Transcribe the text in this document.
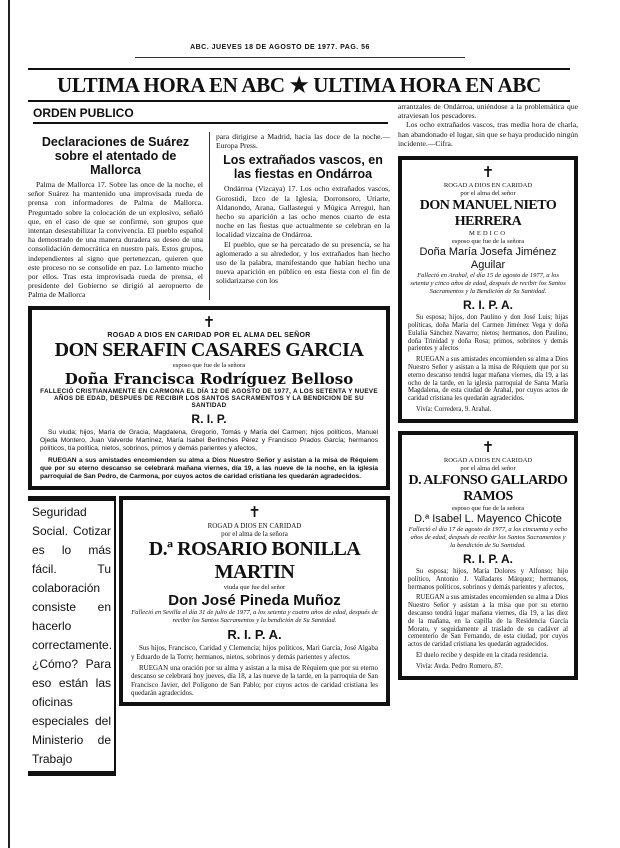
ABC. JUEVES 18 DE AGOSTO DE 1977. PAG. 56
ULTIMA HORA EN ABC ★ ULTIMA HORA EN ABC
ORDEN PUBLICO
Declaraciones de Suárez sobre el atentado de Mallorca

Palma de Mallorca 17. Sobre las once de la noche, el señor Suárez ha mantenido una improvisada rueda de prensa con informadores de Palma de Mallorca. Preguntado sobre la colocación de un explosivo, señaló que, en el caso de que se confirme, son grupos que intentan desestabilizar la convivencia. El pueblo español ha demostrado de una manera duradera su deseo de una consolidación democrática en nuestro país. Estos grupos, independientes al signo que pertenezcan, quieren que este proceso no se consolide en paz. Lo lamento mucho por ellos. Tras esta improvisada rueda de prensa, el presidente del Gobierno se dirigió al aeropuerto de Palma de Mallorca

para dirigirse a Madrid, hacia las doce de la noche.—Europa Press.

Los extrañados vascos, en las fiestas en Ondárroa

Ondárroa (Vizcaya) 17. Los ocho extrañados vascos, Gorostidi, Izco de la Iglesia, Dorronsoro, Uriarte, Aldanondo, Arana, Gallastegui y Múgica Arregui, han hecho su aparición a las ocho menos cuarto de esta noche en las fiestas que actualmente se celebran en la localidad vizcaína de Ondárroa.

El pueblo, que se ha percatado de su presencia, se ha aglomerado a su alrededor, y los extrañados han hecho uso de la palabra, manifestando que habían hecho una nueva aparición en público en esta fiesta con el fin de solidarizarse con los

✝
ROGAD A DIOS EN CARIDAD POR EL ALMA DEL SEÑOR
DON SERAFIN CASARES GARCIA
esposo que fue de la señora
Doña Francisca Rodríguez Belloso
FALLECIÓ CRISTIANAMENTE EN CARMONA EL DÍA 12 DE AGOSTO DE 1977, A LOS SETENTA Y NUEVE AÑOS DE EDAD, DESPUES DE RECIBIR LOS SANTOS SACRAMENTOS Y LA BENDICION DE SU SANTIDAD
R. I. P.

Su viuda; hijos, María de Gracia, Magdalena, Gregorio, Tomás y María del Carmen; hijos políticos, Manuel Ojeda Montero, Juan Valverde Martínez, María Isabel Berlinches Pérez y Francisco Prados García; hermanos políticos, tía política, nietos, sobrinos, primos y demás parientes y afectos,

RUEGAN a sus amistades encomienden su alma a Dios Nuestro Señor y asistan a la misa de Réquiem que por su eterno descanso se celebrará mañana viernes, día 19, a las nueve de la noche, en la iglesia parroquial de San Pedro, de Carmona, por cuyos actos de caridad cristiana les quedarán agradecidos.

Seguridad Social. Cotizar es lo más fácil. Tu colaboración consiste en hacerlo correctamente. ¿Cómo? Para eso están las oficinas especiales del Ministerio de Trabajo
✝
ROGAD A DIOS EN CARIDAD
por el alma de la señora
D.ª ROSARIO BONILLA MARTIN
viuda que fue del señor
Don José Pineda Muñoz
Falleció en Sevilla el día 31 de julio de 1977, a los setenta y cuatro años de edad, después de recibir los Santos Sacramentos y la bendición de Su Santidad.
R. I. P. A.

Sus hijos, Francisco, Caridad y Clemencia; hijos políticos, Mari García, José Algaba y Eduardo de la Torre; hermanos, nietos, sobrinos y demás parientes y afectos.

RUEGAN una oración por su alma y asistan a la misa de Réquiem que por su eterno descanso se celebrará hoy jueves, día 18, a las nueve de la tarde, en la parroquia de San Francisco Javier, del Polígono de San Pablo; por cuyos actos de caridad cristiana les quedarán agradecidos.

arrantzales de Ondárroa, uniéndose a la problemática que atraviesan los pescadores.

Los ocho extrañados vascos, tras media hora de charla, han abandonado el lugar, sin que se haya producido ningún incidente.—Cifra.

✝
ROGAD A DIOS EN CARIDAD
por el alma del señor
DON MANUEL NIETO HERRERA
MEDICO
esposo que fue de la señora
Doña María Josefa Jiménez Aguilar
Falleció en Arahal, el día 15 de agosto de 1977, a los setenta y cinco años de edad, después de recibir los Santos Sacramentos y la Bendición de Su Santidad.
R. I. P. A.

Su esposa; hijos, don Paulino y don José Luis; hijas políticas, doña María del Carmen Jiménez Vega y doña Eulalia Sánchez Navarro; nietos; hermanos, don Paulino, doña Trinidad y doña Rosa; primos, sobrinos y demás parientes y afectos

RUEGAN a sus amistades encomienden su alma a Dios Nuestro Señor y asistan a la misa de Réquiem que por su eterno descanso tendrá lugar mañana viernes, día 19, a las ocho de la tarde, en la iglesia parroquial de Santa María Magdalena, de esta ciudad de Arahal, por cuyos actos de caridad cristiana les quedarán agradecidos.

Vivía: Corredera, 9. Arahal.

✝
ROGAD A DIOS EN CARIDAD
por el alma del señor
D. ALFONSO GALLARDO RAMOS
esposo que fue de la señora
D.ª Isabel L. Mayenco Chicote
Falleció el día 17 de agosto de 1977, a los cincuenta y ocho años de edad, después de recibir los Santos Sacramentos y la bendición de Su Santidad.
R. I. P. A.

Su esposa; hijos, María Dolores y Alfonso; hijo político, Antonio J. Valladares Márquez; hermanos, hermanos políticos, sobrinos y demás parientes y afectos,

RUEGAN a sus amistades encomienden su alma a Dios Nuestro Señor y asistan a la misa que por su eterno descanso tendrá lugar mañana viernes, día 19, a las diez de la mañana, en la capilla de la Residencia García Morato, y seguidamente al traslado de su cadáver al cementerio de San Fernando, de esta ciudad, por cuyos actos de caridad cristiana les quedarán agradecidos.

El duelo recibe y despide en la citada residencia.

Vivía: Avda. Pedro Romero, 87.
